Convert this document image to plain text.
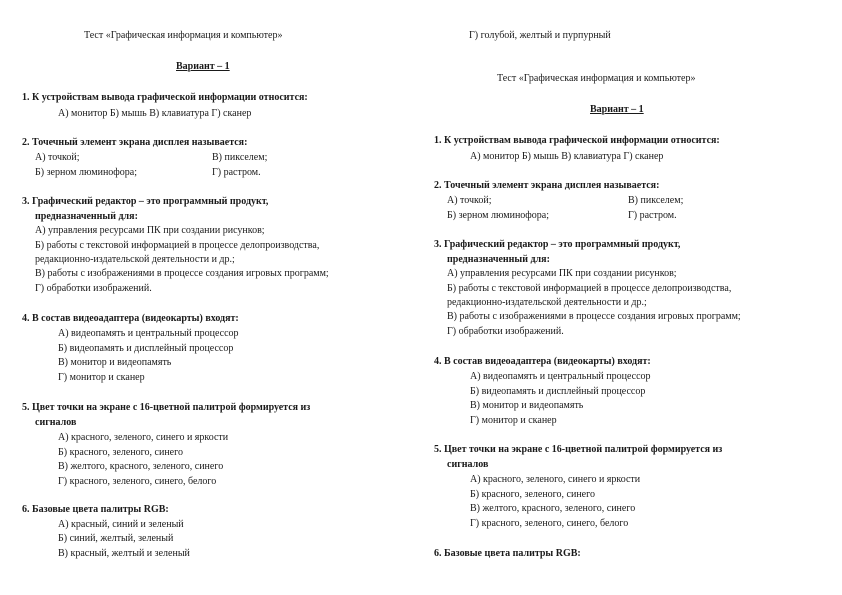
Тест «Графическая информация и компьютер»
Вариант – 1
1. К устройствам вывода графической информации относится:
А) монитор Б) мышь В) клавиатура Г) сканер
2. Точечный элемент экрана дисплея называется:
А) точкой;	В) пикселем;
Б) зерном люминофора;	Г) растром.
3. Графический редактор – это программный продукт,
предназначенный для:
А) управления ресурсами ПК при создании рисунков;
Б) работы с текстовой информацией в процессе делопроизводства,
редакционно-издательской деятельности и др.;
В) работы с изображениями в процессе создания игровых программ;
Г) обработки изображений.
4. В состав видеоадаптера (видеокарты) входят:
А) видеопамять и центральный процессор
Б) видеопамять и дисплейный процессор
В) монитор и видеопамять
Г) монитор и сканер
5. Цвет точки на экране с 16-цветной палитрой формируется из
сигналов
А) красного, зеленого, синего и яркости
Б) красного, зеленого, синего
В) желтого, красного, зеленого, синего
Г) красного, зеленого, синего, белого
6. Базовые цвета палитры RGB:
А) красный, синий и зеленый
Б) синий, желтый, зеленый
В) красный, желтый и зеленый
Г) голубой, желтый и пурпурный
Тест «Графическая информация и компьютер»
Вариант – 1
1. К устройствам вывода графической информации относится:
А) монитор Б) мышь В) клавиатура Г) сканер
2. Точечный элемент экрана дисплея называется:
А) точкой;	В) пикселем;
Б) зерном люминофора;	Г) растром.
3. Графический редактор – это программный продукт,
предназначенный для:
А) управления ресурсами ПК при создании рисунков;
Б) работы с текстовой информацией в процессе делопроизводства,
редакционно-издательской деятельности и др.;
В) работы с изображениями в процессе создания игровых программ;
Г) обработки изображений.
4. В состав видеоадаптера (видеокарты) входят:
А) видеопамять и центральный процессор
Б) видеопамять и дисплейный процессор
В) монитор и видеопамять
Г) монитор и сканер
5. Цвет точки на экране с 16-цветной палитрой формируется из
сигналов
А) красного, зеленого, синего и яркости
Б) красного, зеленого, синего
В) желтого, красного, зеленого, синего
Г) красного, зеленого, синего, белого
6. Базовые цвета палитры RGB:
